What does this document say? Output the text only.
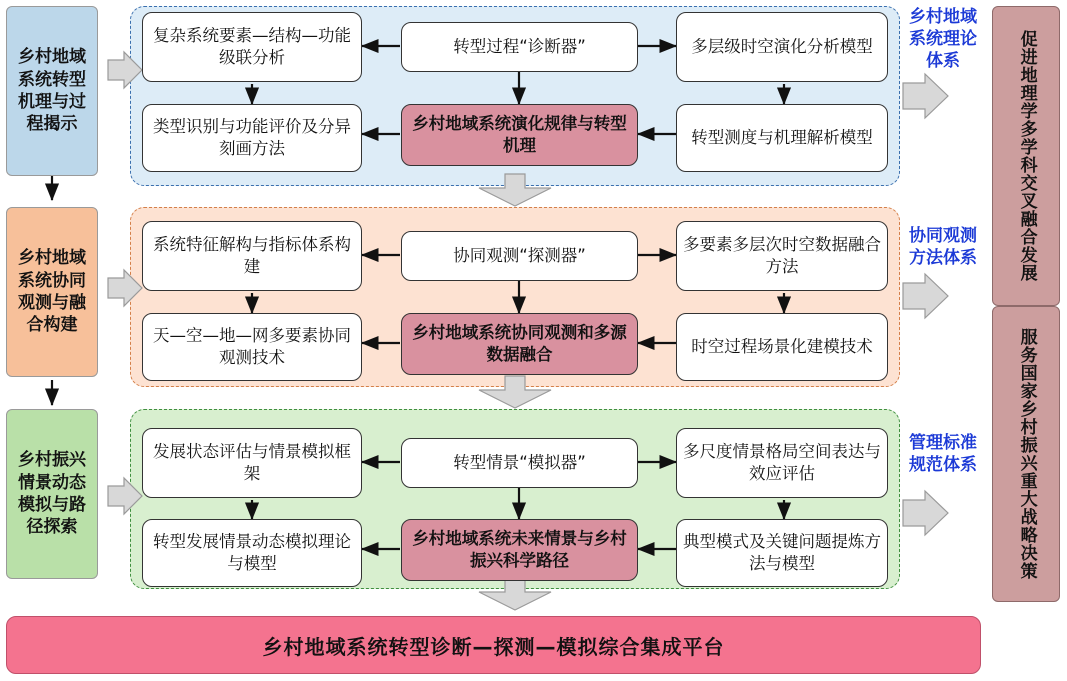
乡村地域系统转型机理与过程揭示
乡村地域系统协同观测与融合构建
乡村振兴情景动态模拟与路径探索
复杂系统要素—结构—功能级联分析
转型过程“诊断器”	多层级时空演化分析模型
类型识别与功能评价及分异刻画方法
乡村地域系统演化规律与转型机理	转型测度与机理解析模型
乡村地域系统理论体系
系统特征解构与指标体系构建
协同观测“探测器”
多要素多层次时空数据融合方法
天—空—地—网多要素协同观测技术
乡村地域系统协同观测和多源数据融合	时空过程场景化建模技术
协同观测方法体系
发展状态评估与情景模拟框架
转型情景“模拟器”
多尺度情景格局空间表达与效应评估
转型发展情景动态模拟理论与模型
乡村地域系统未来情景与乡村振兴科学路径
典型模式及关键问题提炼方法与模型
管理标准规范体系
促进地理学多学科交叉融合发展
服务国家乡村振兴重大战略决策
乡村地域系统转型诊断—探测—模拟综合集成平台
